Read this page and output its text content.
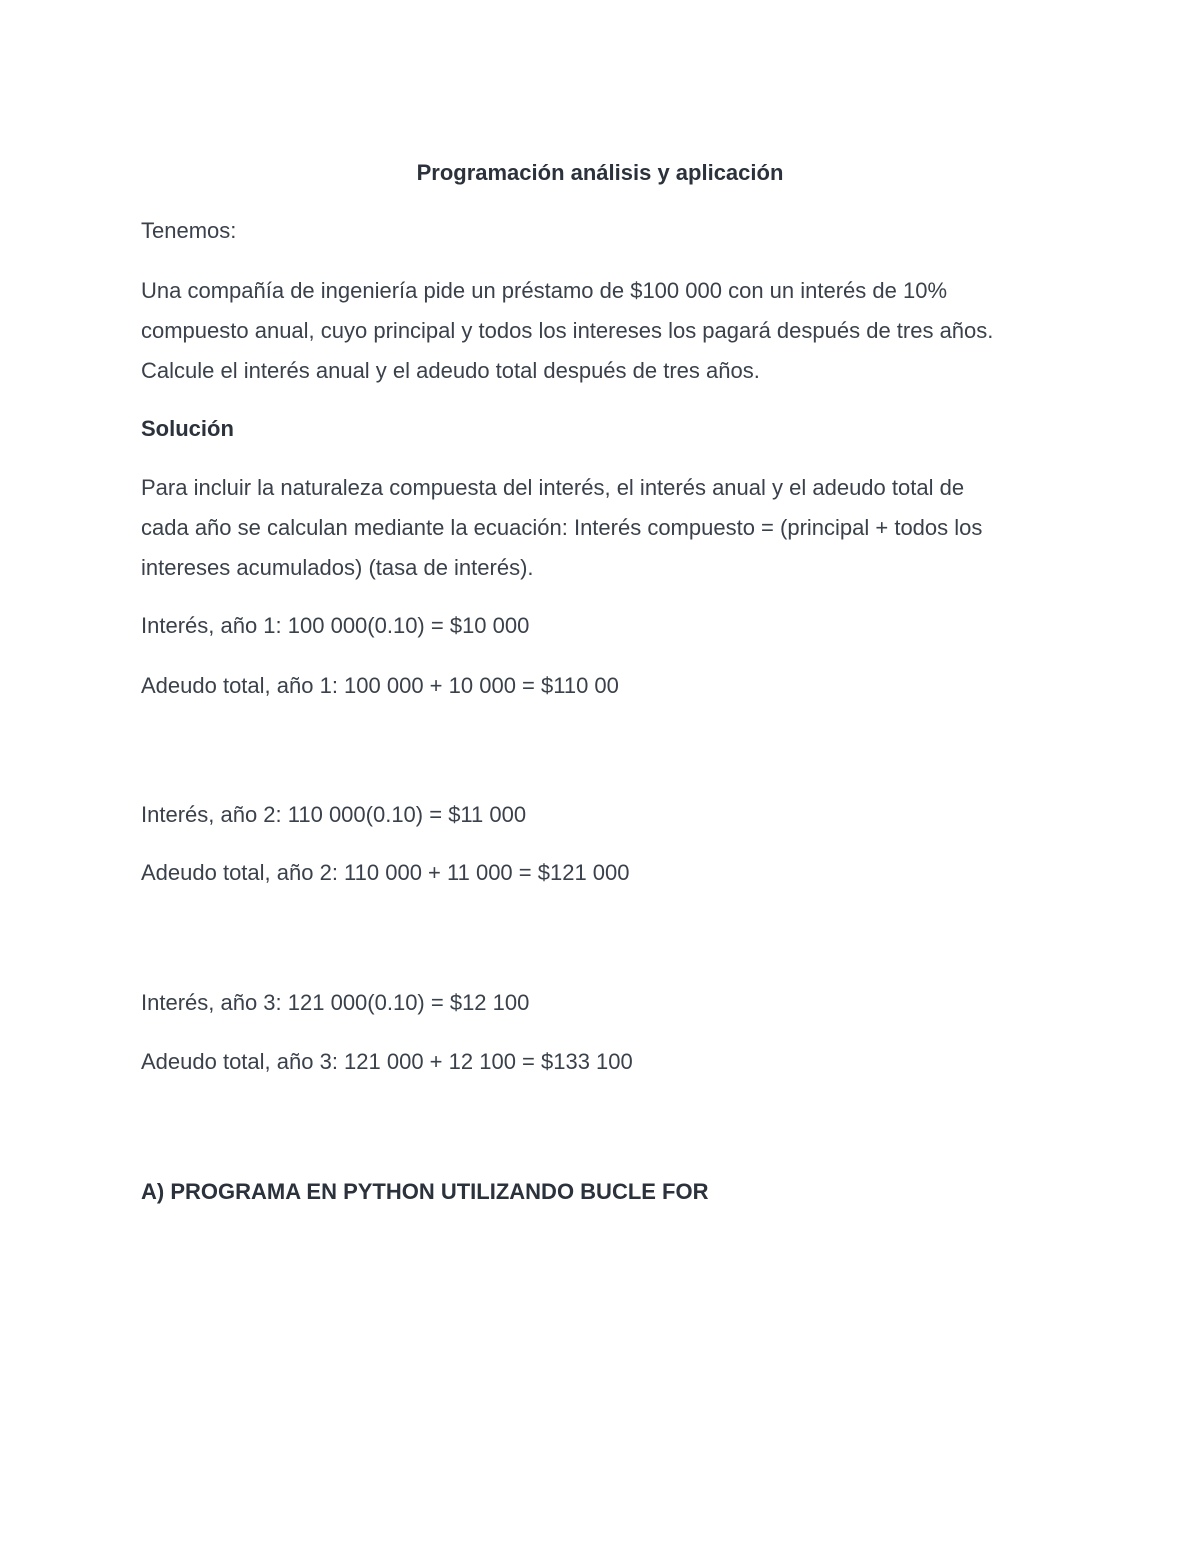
Programación análisis y aplicación
Tenemos:
Una compañía de ingeniería pide un préstamo de $100 000 con un interés de 10%
compuesto anual, cuyo principal y todos los intereses los pagará después de tres años.
Calcule el interés anual y el adeudo total después de tres años.
Solución
Para incluir la naturaleza compuesta del interés, el interés anual y el adeudo total de
cada año se calculan mediante la ecuación: Interés compuesto = (principal + todos los
intereses acumulados) (tasa de interés).
Interés, año 1: 100 000(0.10) = $10 000
Adeudo total, año 1: 100 000 + 10 000 = $110 00
Interés, año 2: 110 000(0.10) = $11 000
Adeudo total, año 2: 110 000 + 11 000 = $121 000
Interés, año 3: 121 000(0.10) = $12 100
Adeudo total, año 3: 121 000 + 12 100 = $133 100
A) PROGRAMA EN PYTHON UTILIZANDO BUCLE FOR
